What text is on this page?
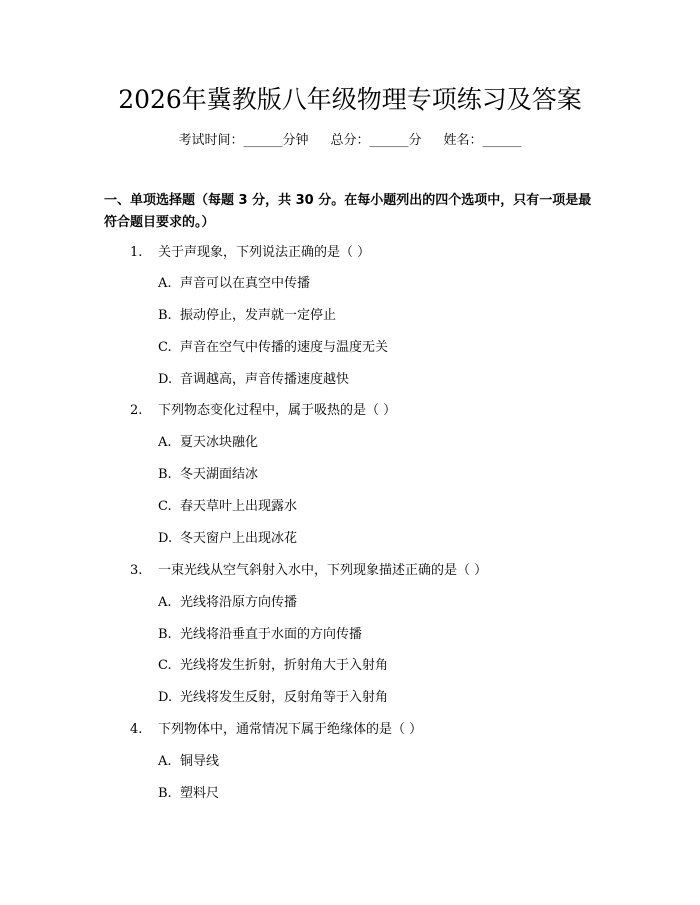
2026年冀教版八年级物理专项练习及答案
考试时间：______分钟 总分：______分 姓名：______
一、单项选择题（每题 3 分，共 30 分。在每小题列出的四个选项中，只有一项是最符合题目要求的。）
1. 关于声现象，下列说法正确的是（ ）
A. 声音可以在真空中传播
B. 振动停止，发声就一定停止
C. 声音在空气中传播的速度与温度无关
D. 音调越高，声音传播速度越快
2. 下列物态变化过程中，属于吸热的是（ ）
A. 夏天冰块融化
B. 冬天湖面结冰
C. 春天草叶上出现露水
D. 冬天窗户上出现冰花
3. 一束光线从空气斜射入水中，下列现象描述正确的是（ ）
A. 光线将沿原方向传播
B. 光线将沿垂直于水面的方向传播
C. 光线将发生折射，折射角大于入射角
D. 光线将发生反射，反射角等于入射角
4. 下列物体中，通常情况下属于绝缘体的是（ ）
A. 铜导线
B. 塑料尺
